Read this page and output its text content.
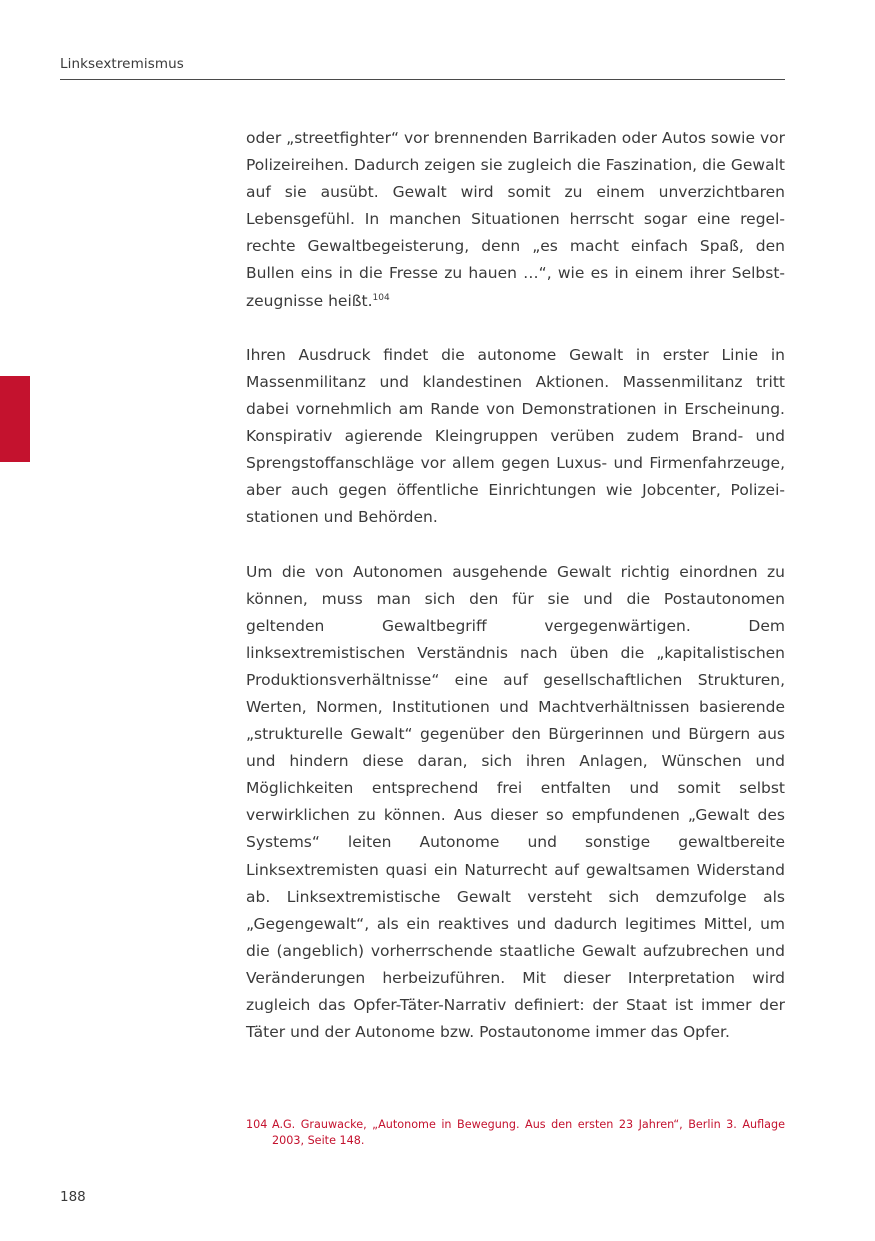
Linksextremismus

oder „streetfighter“ vor brennenden Barrikaden oder Autos sowie vor Polizeireihen. Dadurch zeigen sie zugleich die Faszination, die Gewalt auf sie ausübt. Gewalt wird somit zu einem unverzichtbaren Lebensgefühl. In manchen Situationen herrscht sogar eine regelrechte Gewaltbegeisterung, denn „es macht einfach Spaß, den Bullen eins in die Fresse zu hauen …“, wie es in einem ihrer Selbstzeugnisse heißt.$^{104}$

Ihren Ausdruck findet die autonome Gewalt in erster Linie in Massenmilitanz und klandestinen Aktionen. Massenmilitanz tritt dabei vornehmlich am Rande von Demonstrationen in Erscheinung. Konspirativ agierende Kleingruppen verüben zudem Brand- und Sprengstoffanschläge vor allem gegen Luxus- und Firmenfahrzeuge, aber auch gegen öffentliche Einrichtungen wie Jobcenter, Polizeistationen und Behörden.

Um die von Autonomen ausgehende Gewalt richtig einordnen zu können, muss man sich den für sie und die Postautonomen geltenden Gewaltbegriff vergegenwärtigen. Dem linksextremistischen Verständnis nach üben die „kapitalistischen Produktionsverhältnisse“ eine auf gesellschaftlichen Strukturen, Werten, Normen, Institutionen und Machtverhältnissen basierende „strukturelle Gewalt“ gegenüber den Bürgerinnen und Bürgern aus und hindern diese daran, sich ihren Anlagen, Wünschen und Möglichkeiten entsprechend frei entfalten und somit selbst verwirklichen zu können. Aus dieser so empfundenen „Gewalt des Systems“ leiten Autonome und sonstige gewaltbereite Linksextremisten quasi ein Naturrecht auf gewaltsamen Widerstand ab. Linksextremistische Gewalt versteht sich demzufolge als „Gegengewalt“, als ein reaktives und dadurch legitimes Mittel, um die (angeblich) vorherrschende staatliche Gewalt aufzubrechen und Veränderungen herbeizuführen. Mit dieser Interpretation wird zugleich das Opfer-Täter-Narrativ definiert: der Staat ist immer der Täter und der Autonome bzw. Postautonome immer das Opfer.

104 A.G. Grauwacke, „Autonome in Bewegung. Aus den ersten 23 Jahren“, Berlin 3. Auflage 2003, Seite 148.
188
